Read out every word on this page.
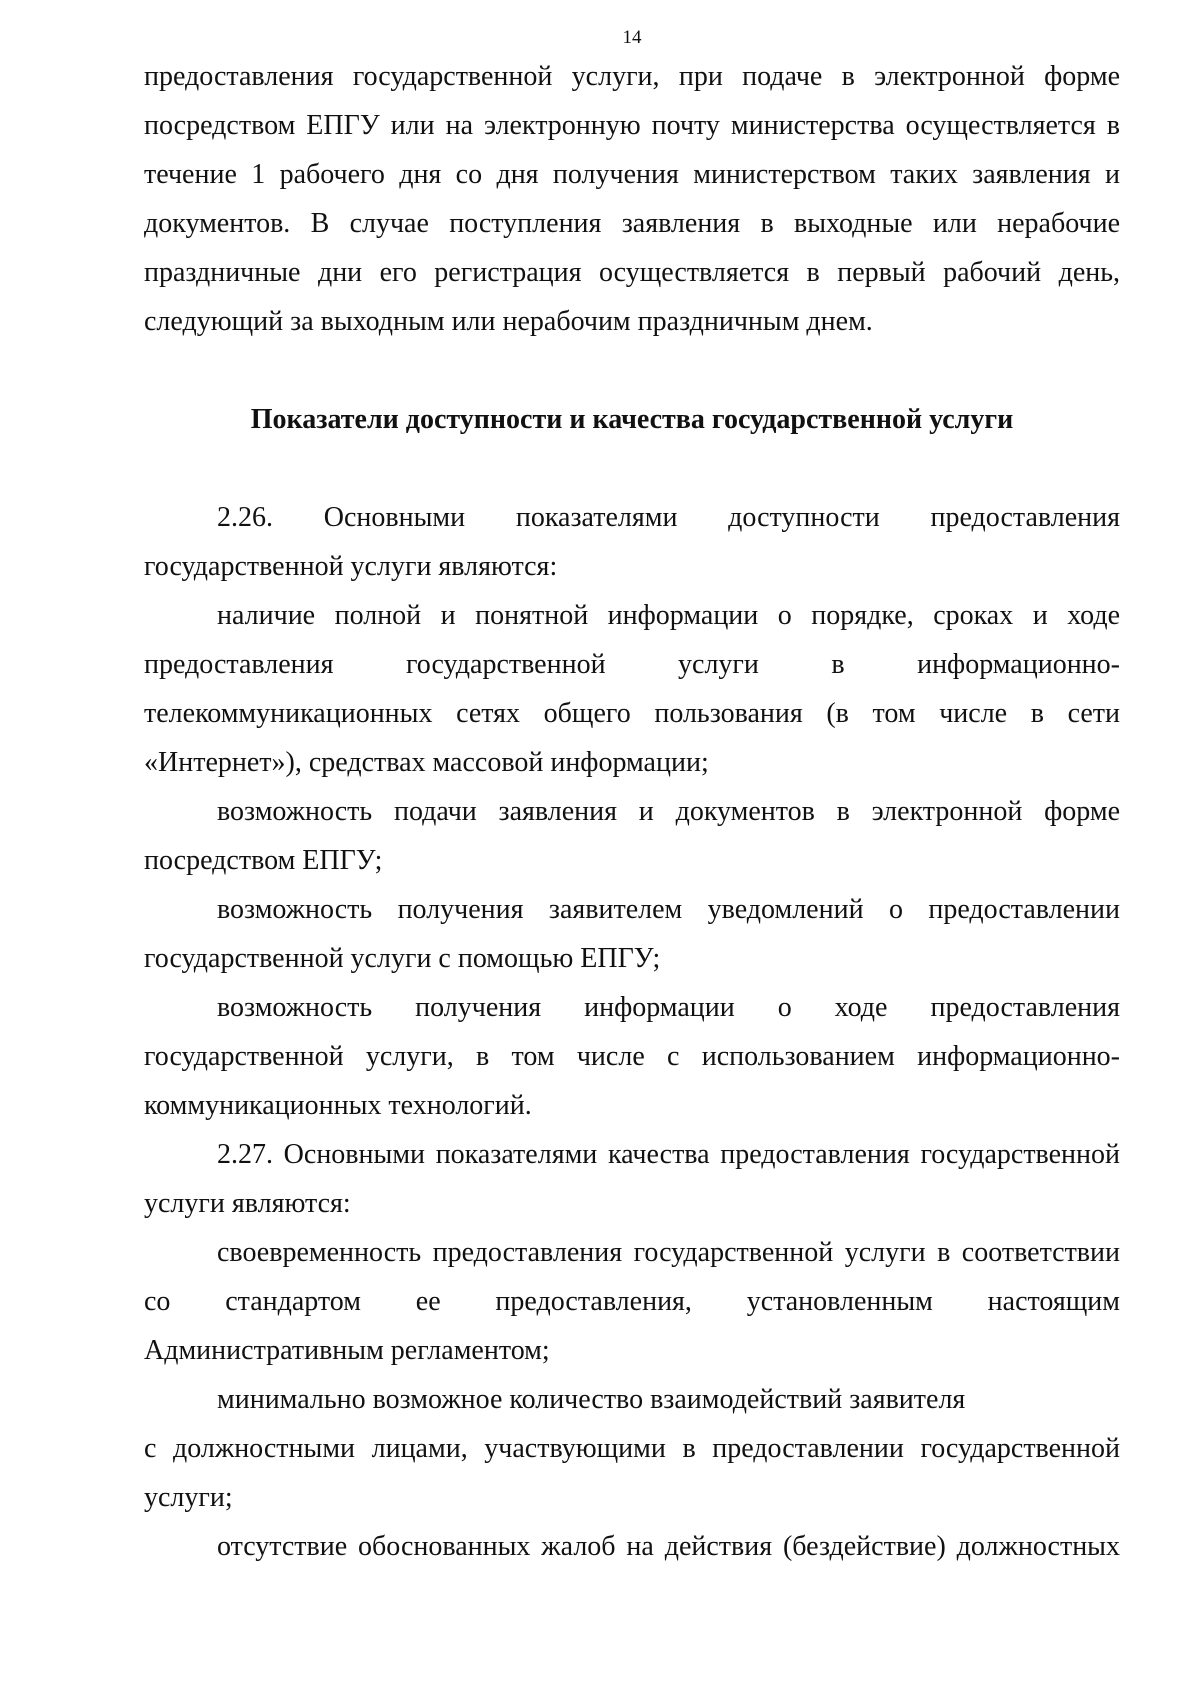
14

предоставления государственной услуги, при подаче в электронной форме посредством ЕПГУ или на электронную почту министерства осуществляется в течение 1 рабочего дня со дня получения министерством таких заявления и документов. В случае поступления заявления в выходные или нерабочие праздничные дни его регистрация осуществляется в первый рабочий день, следующий за выходным или нерабочим праздничным днем.

Показатели доступности и качества государственной услуги

2.26. Основными показателями доступности предоставления государственной услуги являются:

наличие полной и понятной информации о порядке, сроках и ходе предоставления государственной услуги в информационно-телекоммуникационных сетях общего пользования (в том числе в сети «Интернет»), средствах массовой информации;

возможность подачи заявления и документов в электронной форме посредством ЕПГУ;

возможность получения заявителем уведомлений о предоставлении государственной услуги с помощью ЕПГУ;

возможность получения информации о ходе предоставления государственной услуги, в том числе с использованием информационно-коммуникационных технологий.

2.27. Основными показателями качества предоставления государственной услуги являются:

своевременность предоставления государственной услуги в соответствии со стандартом ее предоставления, установленным настоящим Административным регламентом;

минимально возможное количество взаимодействий заявителя

с должностными лицами, участвующими в предоставлении государственной услуги;

отсутствие обоснованных жалоб на действия (бездействие) должностных
